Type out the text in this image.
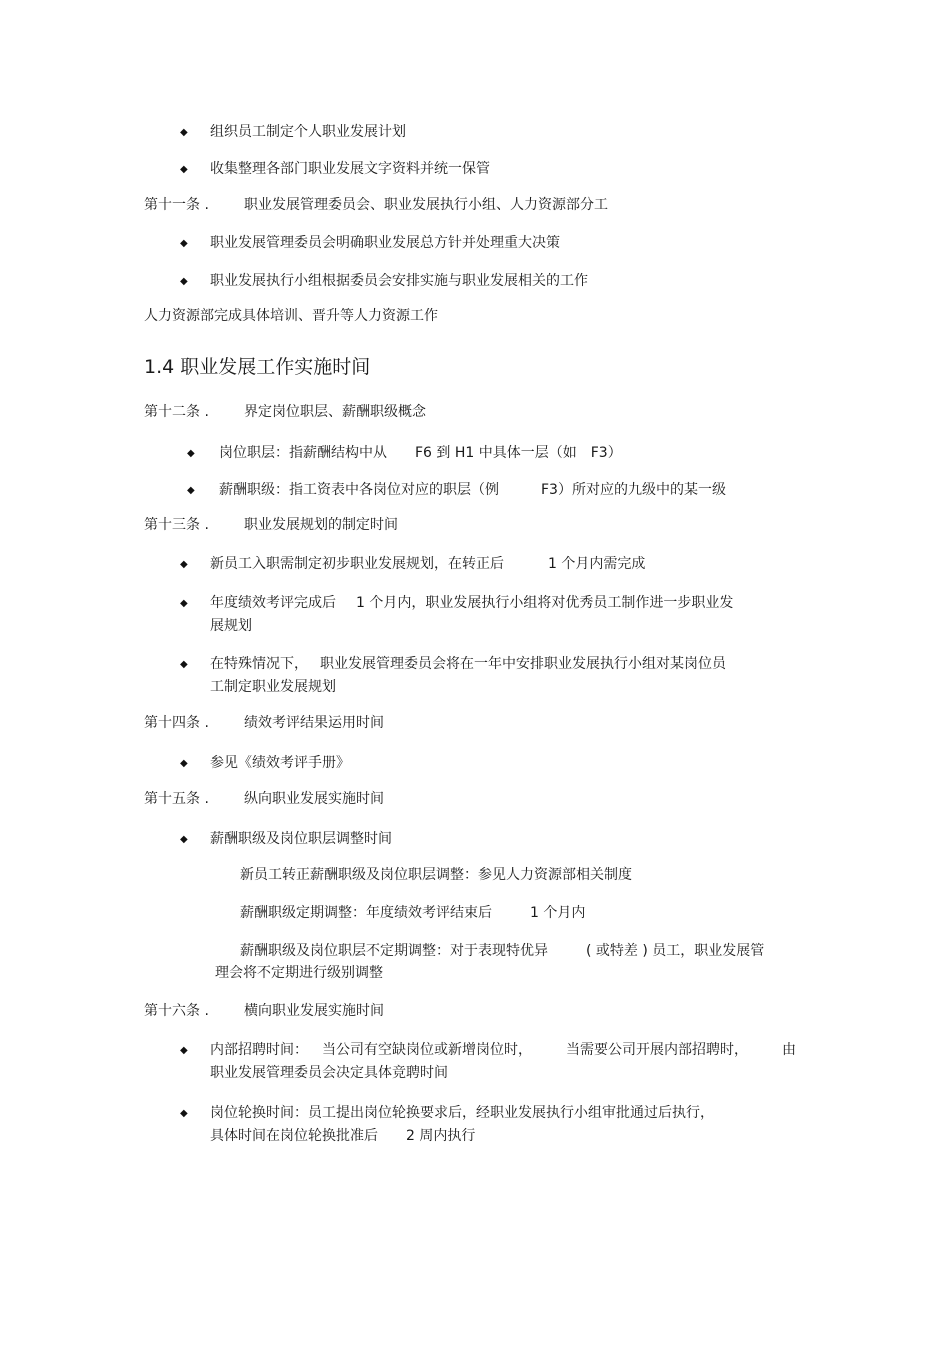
◆ 组织员工制定个人职业发展计划
◆ 收集整理各部门职业发展文字资料并统一保管
第十一条 .	职业发展管理委员会、职业发展执行小组、人力资源部分工
◆ 职业发展管理委员会明确职业发展总方针并处理重大决策
◆ 职业发展执行小组根据委员会安排实施与职业发展相关的工作
人力资源部完成具体培训、晋升等人力资源工作
1.4 职业发展工作实施时间
第十二条 .	界定岗位职层、薪酬职级概念
◆ 岗位职层：指薪酬结构中从 F6 到 H1 中具体一层（如 F3）
◆ 薪酬职级：指工资表中各岗位对应的职层（例	F3）所对应的九级中的某一级
第十三条 .	职业发展规划的制定时间
◆ 新员工入职需制定初步职业发展规划，在转正后	1 个月内需完成
◆ 年度绩效考评完成后 1 个月内，职业发展执行小组将对优秀员工制作进一步职业发
展规划
◆ 在特殊情况下， 职业发展管理委员会将在一年中安排职业发展执行小组对某岗位员
工制定职业发展规划
第十四条 .	绩效考评结果运用时间
◆ 参见《绩效考评手册》
第十五条 .	纵向职业发展实施时间
◆ 薪酬职级及岗位职层调整时间
新员工转正薪酬职级及岗位职层调整：参见人力资源部相关制度
薪酬职级定期调整：年度绩效考评结束后	1 个月内
薪酬职级及岗位职层不定期调整：对于表现特优异	( 或特差 ) 员工，职业发展管
理会将不定期进行级别调整
第十六条 .	横向职业发展实施时间
◆ 内部招聘时间： 当公司有空缺岗位或新增岗位时， 当需要公司开展内部招聘时， 由
职业发展管理委员会决定具体竞聘时间
◆ 岗位轮换时间：员工提出岗位轮换要求后，经职业发展执行小组审批通过后执行，
具体时间在岗位轮换批准后 2 周内执行
